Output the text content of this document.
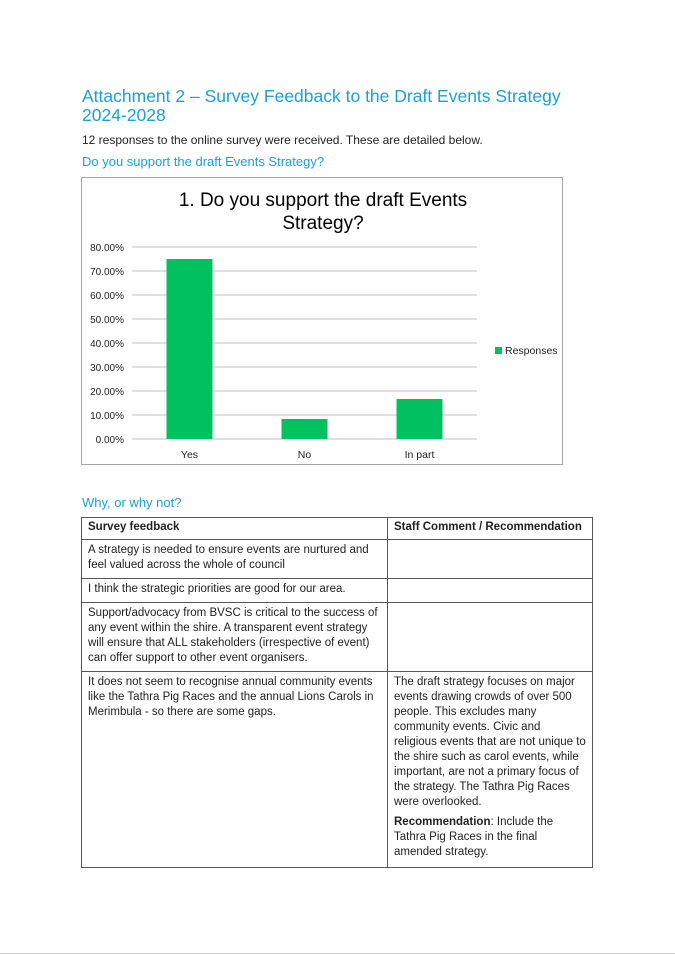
Attachment 2 – Survey Feedback to the Draft Events Strategy 2024-2028
12 responses to the online survey were received. These are detailed below.
Do you support the draft Events Strategy?
1. Do you support the draft Events
Strategy?
0.00%
10.00%
20.00%
30.00%
40.00%
50.00%
60.00%
70.00%
80.00%
Yes	No	In part
Responses
Why, or why not?
Survey feedback	Staff Comment / Recommendation
A strategy is needed to ensure events are nurtured and feel valued across the whole of council	
I think the strategic priorities are good for our area.	
Support/advocacy from BVSC is critical to the success of any event within the shire. A transparent event strategy will ensure that ALL stakeholders (irrespective of event) can offer support to other event organisers.	
It does not seem to recognise annual community events like the Tathra Pig Races and the annual Lions Carols in Merimbula - so there are some gaps.	The draft strategy focuses on major events drawing crowds of over 500 people. This excludes many community events. Civic and religious events that are not unique to the shire such as carol events, while important, are not a primary focus of the strategy. The Tathra Pig Races were overlooked.

Recommendation: Include the Tathra Pig Races in the final amended strategy.
